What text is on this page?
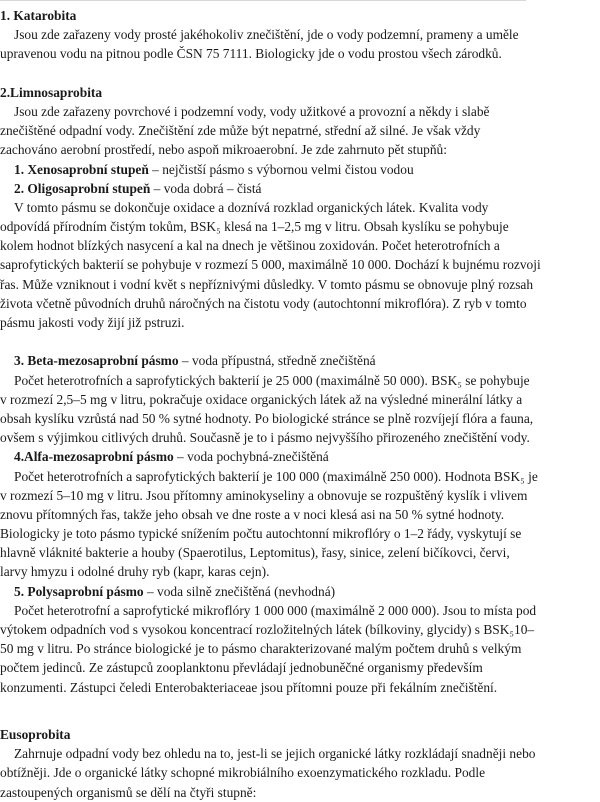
1. Katarobita
Jsou zde zařazeny vody prosté jakéhokoliv znečištění, jde o vody podzemní, prameny a uměle
upravenou vodu na pitnou podle ČSN 75 7111. Biologicky jde o vodu prostou všech zárodků.
2.Limnosaprobita
Jsou zde zařazeny povrchové i podzemní vody, vody užitkové a provozní a někdy i slabě
znečištěné odpadní vody. Znečištění zde může být nepatrné, střední až silné. Je však vždy
zachováno aerobní prostředí, nebo aspoň mikroaerobní. Je zde zahrnuto pět stupňů:
1. Xenosaprobní stupeň – nejčistší pásmo s výbornou velmi čistou vodou
2. Oligosaprobní stupeň – voda dobrá – čistá
V tomto pásmu se dokončuje oxidace a doznívá rozklad organických látek. Kvalita vody
odpovídá přírodním čistým tokům, BSK₅ klesá na 1–2,5 mg v litru. Obsah kyslíku se pohybuje
kolem hodnot blízkých nasycení a kal na dnech je většinou zoxidován. Počet heterotrofních a
saprofytických bakterií se pohybuje v rozmezí 5 000, maximálně 10 000. Dochází k bujnému rozvoji
řas. Může vzniknout i vodní květ s nepříznivými důsledky. V tomto pásmu se obnovuje plný rozsah
života včetně původních druhů náročných na čistotu vody (autochtonní mikroflóra). Z ryb v tomto
pásmu jakosti vody žijí již pstruzi.
3. Beta-mezosaprobní pásmo – voda přípustná, středně znečištěná
Počet heterotrofních a saprofytických bakterií je 25 000 (maximálně 50 000). BSK₅ se pohybuje
v rozmezí 2,5–5 mg v litru, pokračuje oxidace organických látek až na výsledné minerální látky a
obsah kyslíku vzrůstá nad 50 % sytné hodnoty. Po biologické stránce se plně rozvíjejí flóra a fauna,
ovšem s výjimkou citlivých druhů. Současně je to i pásmo nejvyššího přirozeného znečištění vody.
4.Alfa-mezosaprobní pásmo – voda pochybná-znečištěná
Počet heterotrofních a saprofytických bakterií je 100 000 (maximálně 250 000). Hodnota BSK₅ je
v rozmezí 5–10 mg v litru. Jsou přítomny aminokyseliny a obnovuje se rozpuštěný kyslík i vlivem
znovu přítomných řas, takže jeho obsah ve dne roste a v noci klesá asi na 50 % sytné hodnoty.
Biologicky je toto pásmo typické snížením počtu autochtonní mikroflóry o 1–2 řády, vyskytují se
hlavně vláknité bakterie a houby (Spaerotilus, Leptomitus), řasy, sinice, zelení bičíkovci, červi,
larvy hmyzu i odolné druhy ryb (kapr, karas cejn).
5. Polysaprobní pásmo – voda silně znečištěná (nevhodná)
Počet heterotrofní a saprofytické mikroflóry 1 000 000 (maximálně 2 000 000). Jsou to místa pod
výtokem odpadních vod s vysokou koncentrací rozložitelných látek (bílkoviny, glycidy) s BSK₅10–
50 mg v litru. Po stránce biologické je to pásmo charakterizované malým počtem druhů s velkým
počtem jedinců. Ze zástupců zooplanktonu převládají jednobuněčné organismy především
konzumenti. Zástupci čeledi Enterobakteriaceae jsou přítomni pouze při fekálním znečištění.
Eusoprobita
Zahrnuje odpadní vody bez ohledu na to, jest-li se jejich organické látky rozkládají snadněji nebo
obtížněji. Jde o organické látky schopné mikrobiálního exoenzymatického rozkladu. Podle
zastoupených organismů se dělí na čtyři stupně:
